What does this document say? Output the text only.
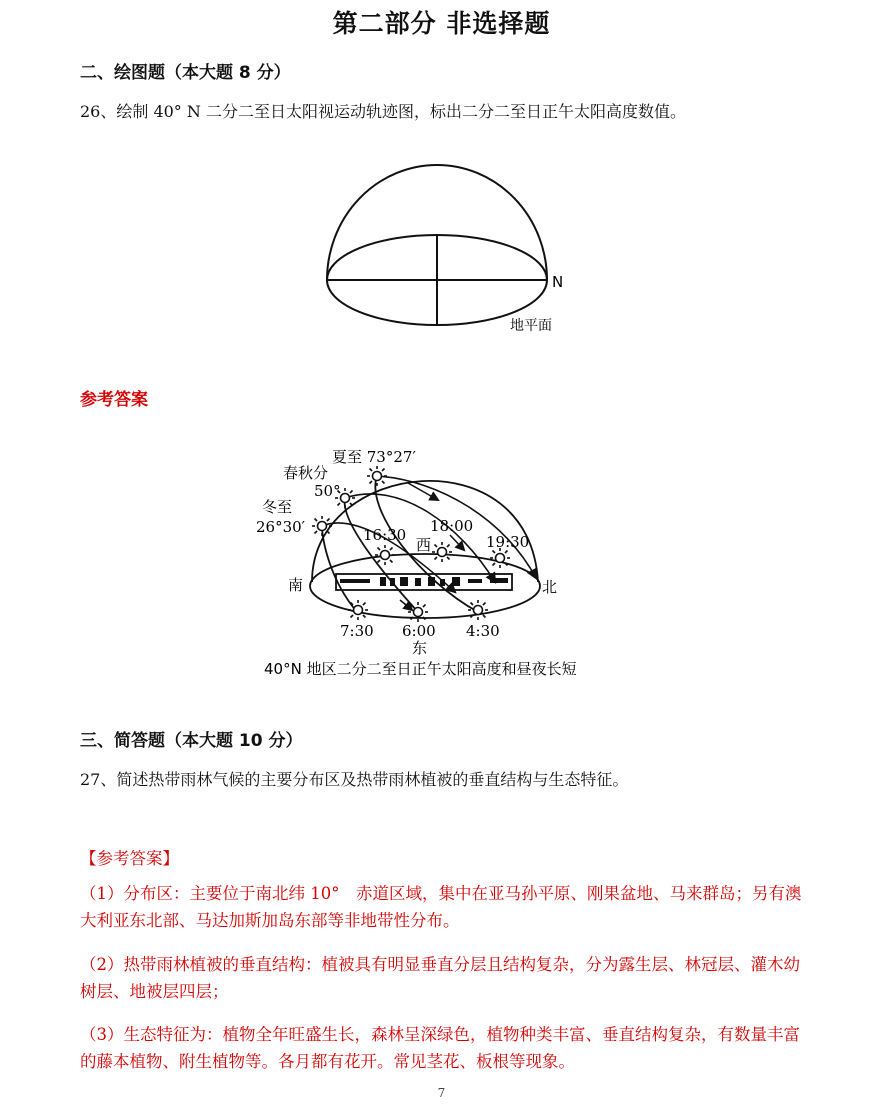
第二部分 非选择题
二、绘图题（本大题 8 分）
26、绘制 40° N 二分二至日太阳视运动轨迹图，标出二分二至日正午太阳高度数值。
N
地平面
参考答案
夏至 73°27′
春秋分
50°
冬至
26°30′	16:30 18:00
19:30
西
南	北
7:30 6:00 4:30
东
40°N 地区二分二至日正午太阳高度和昼夜长短
三、简答题（本大题 10 分）
27、简述热带雨林气候的主要分布区及热带雨林植被的垂直结构与生态特征。
【参考答案】
（1）分布区：主要位于南北纬 10°　赤道区域，集中在亚马孙平原、刚果盆地、马来群岛；另有澳大利亚东北部、马达加斯加岛东部等非地带性分布。
（2）热带雨林植被的垂直结构：植被具有明显垂直分层且结构复杂，分为露生层、林冠层、灌木幼树层、地被层四层；
（3）生态特征为：植物全年旺盛生长，森林呈深绿色，植物种类丰富、垂直结构复杂，有数量丰富的藤本植物、附生植物等。各月都有花开。常见茎花、板根等现象。
7
